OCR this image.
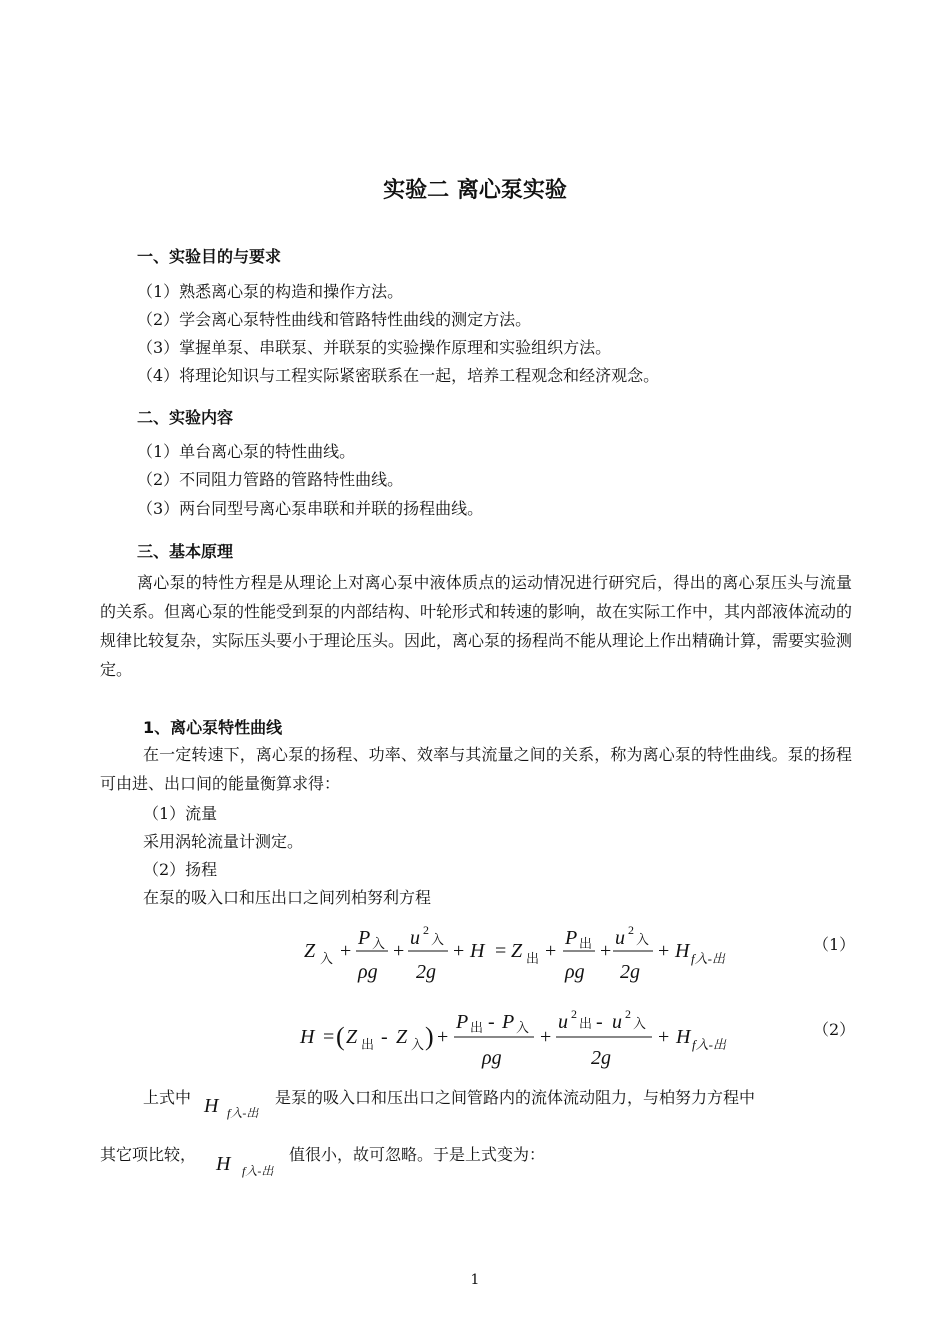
实验二 离心泵实验
一、实验目的与要求
（1）熟悉离心泵的构造和操作方法。
（2）学会离心泵特性曲线和管路特性曲线的测定方法。
（3）掌握单泵、串联泵、并联泵的实验操作原理和实验组织方法。
（4）将理论知识与工程实际紧密联系在一起，培养工程观念和经济观念。
二、实验内容
（1）单台离心泵的特性曲线。
（2）不同阻力管路的管路特性曲线。
（3）两台同型号离心泵串联和并联的扬程曲线。
三、基本原理
离心泵的特性方程是从理论上对离心泵中液体质点的运动情况进行研究后，得出的离心泵压头与流量的关系。但离心泵的性能受到泵的内部结构、叶轮形式和转速的影响，故在实际工作中，其内部液体流动的规律比较复杂，实际压头要小于理论压头。因此，离心泵的扬程尚不能从理论上作出精确计算，需要实验测定。
1、离心泵特性曲线
在一定转速下，离心泵的扬程、功率、效率与其流量之间的关系，称为离心泵的特性曲线。泵的扬程可由进、出口间的能量衡算求得：
（1）流量
采用涡轮流量计测定。
（2）扬程
在泵的吸入口和压出口之间列柏努利方程
Z 入 +
P 入
ρg
+
u 2
入
2g
+ H = Z 出 +
P 出
ρg
+
u 2
入
2g
+ H f入-出
（1）
H = ( Z 出 - Z 入 ) +
P 出 - P 入
ρg
+
u 2
出 - u 2
入
2g
+ H f入-出
（2）
上式中 H f入-出
是泵的吸入口和压出口之间管路内的流体流动阻力，与柏努力方程中
其它项比较， H f入-出
值很小，故可忽略。于是上式变为：
1
